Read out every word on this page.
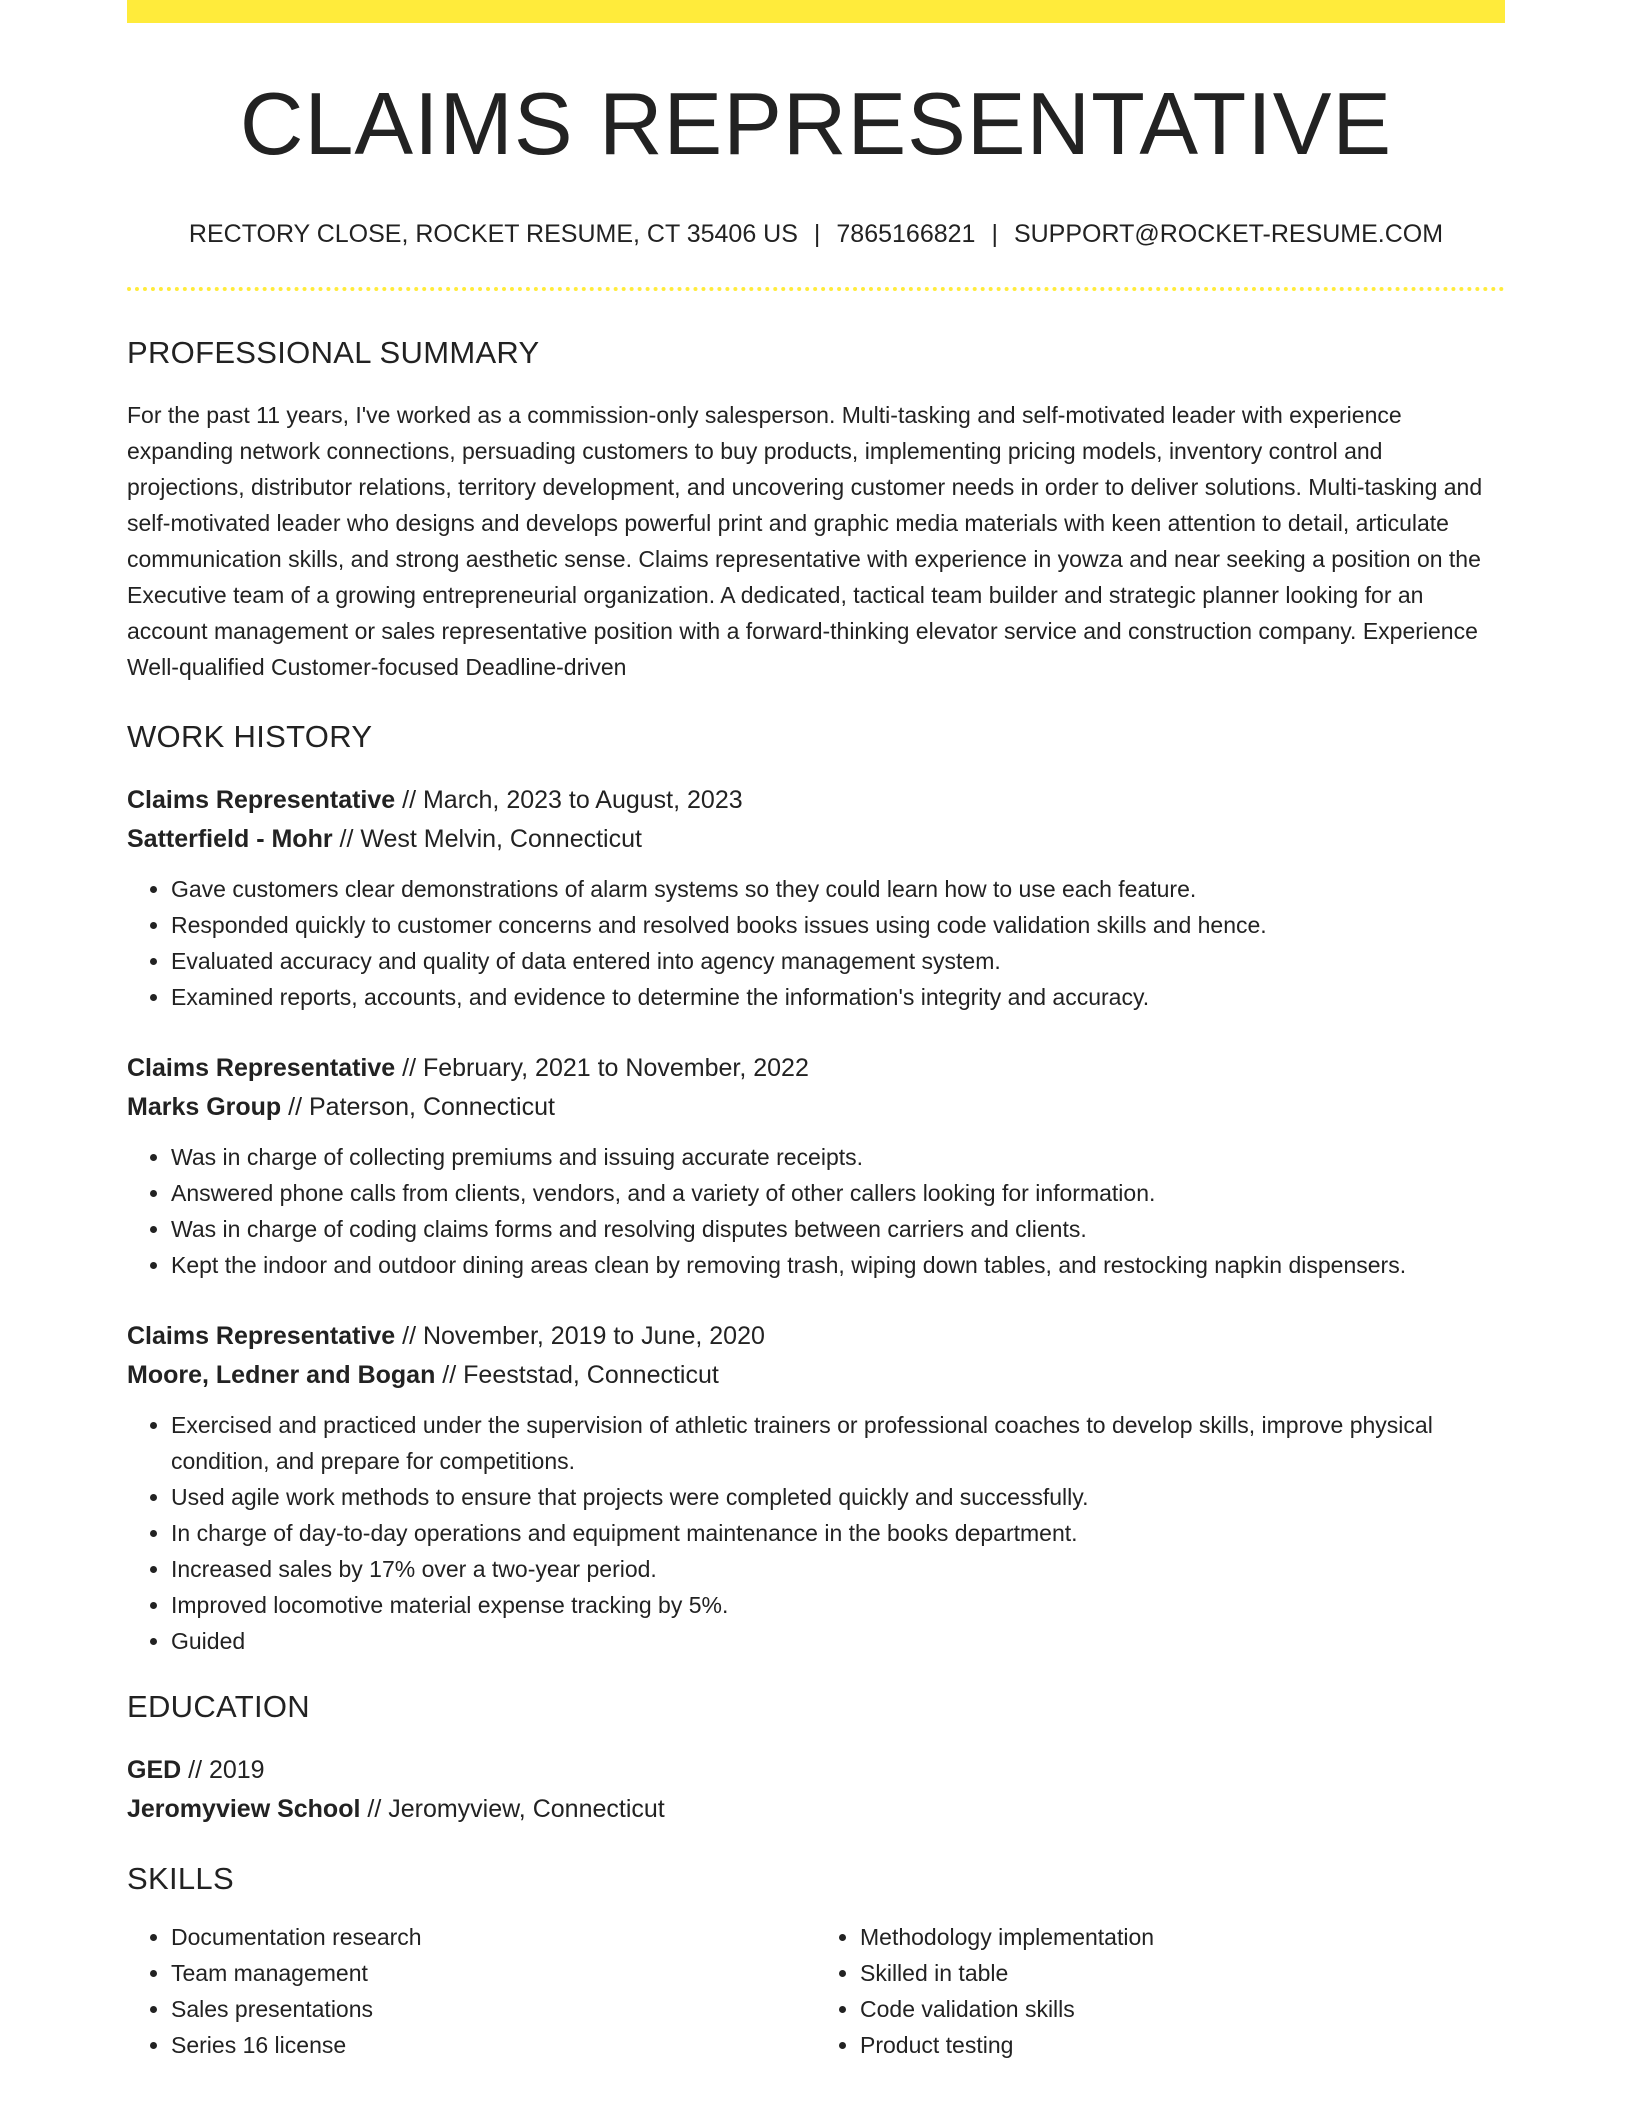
CLAIMS REPRESENTATIVE
RECTORY CLOSE, ROCKET RESUME, CT 35406 US | 7865166821 | SUPPORT@ROCKET-RESUME.COM
PROFESSIONAL SUMMARY
For the past 11 years, I've worked as a commission-only salesperson. Multi-tasking and self-motivated leader with experience expanding network connections, persuading customers to buy products, implementing pricing models, inventory control and projections, distributor relations, territory development, and uncovering customer needs in order to deliver solutions. Multi-tasking and self-motivated leader who designs and develops powerful print and graphic media materials with keen attention to detail, articulate communication skills, and strong aesthetic sense. Claims representative with experience in yowza and near seeking a position on the Executive team of a growing entrepreneurial organization. A dedicated, tactical team builder and strategic planner looking for an account management or sales representative position with a forward-thinking elevator service and construction company. Experience Well-qualified Customer-focused Deadline-driven
WORK HISTORY
Claims Representative // March, 2023 to August, 2023
Satterfield - Mohr // West Melvin, Connecticut
• Gave customers clear demonstrations of alarm systems so they could learn how to use each feature.
• Responded quickly to customer concerns and resolved books issues using code validation skills and hence.
• Evaluated accuracy and quality of data entered into agency management system.
• Examined reports, accounts, and evidence to determine the information's integrity and accuracy.
Claims Representative // February, 2021 to November, 2022
Marks Group // Paterson, Connecticut
• Was in charge of collecting premiums and issuing accurate receipts.
• Answered phone calls from clients, vendors, and a variety of other callers looking for information.
• Was in charge of coding claims forms and resolving disputes between carriers and clients.
• Kept the indoor and outdoor dining areas clean by removing trash, wiping down tables, and restocking napkin dispensers.
Claims Representative // November, 2019 to June, 2020
Moore, Ledner and Bogan // Feeststad, Connecticut
• Exercised and practiced under the supervision of athletic trainers or professional coaches to develop skills, improve physical condition, and prepare for competitions.
• Used agile work methods to ensure that projects were completed quickly and successfully.
• In charge of day-to-day operations and equipment maintenance in the books department.
• Increased sales by 17% over a two-year period.
• Improved locomotive material expense tracking by 5%.
• Guided
EDUCATION
GED // 2019
Jeromyview School // Jeromyview, Connecticut
SKILLS
• Documentation research
• Team management
• Sales presentations
• Series 16 license
• Methodology implementation
• Skilled in table
• Code validation skills
• Product testing
